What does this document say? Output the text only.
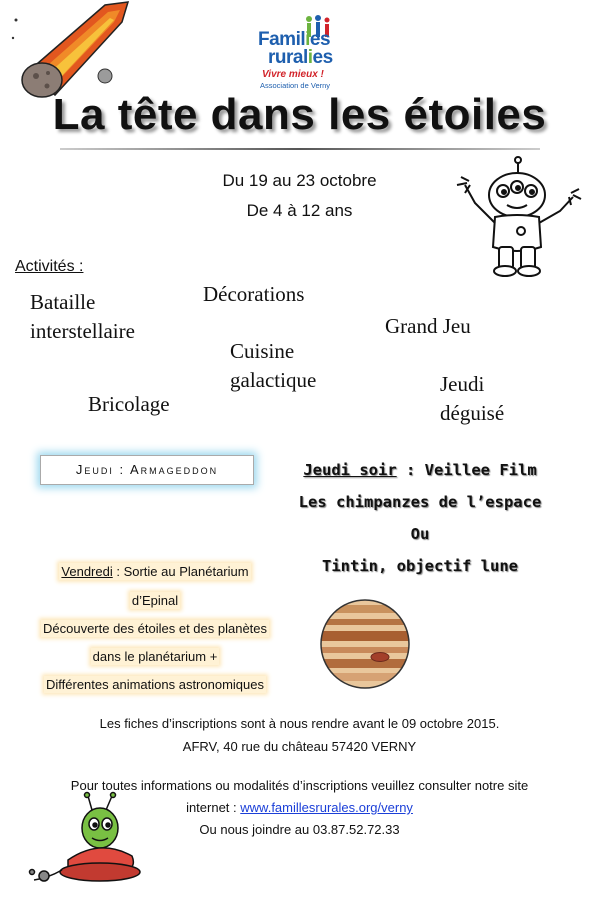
Families
ruralies
Vivre mieux !
Association de Verny
La tête dans les étoiles
Du 19 au 23 octobre
De 4 à 12 ans
Activités :
Bataille
interstellaire
Décorations
Grand Jeu
Cuisine
galactique
Bricolage
Jeudi
déguisé
Jeudi : Armageddon	Jeudi soir : Veillee Film
Les chimpanzes de l’espace
Ou
Tintin, objectif lune
Vendredi : Sortie au Planétarium
d’Epinal
Découverte des étoiles et des planètes
dans le planétarium +
Différentes animations astronomiques
Les fiches d’inscriptions sont à nous rendre avant le 09 octobre 2015.
AFRV, 40 rue du château 57420 VERNY
Pour toutes informations ou modalités d’inscriptions veuillez consulter notre site
internet : www.famillesrurales.org/verny
Ou nous joindre au 03.87.52.72.33
